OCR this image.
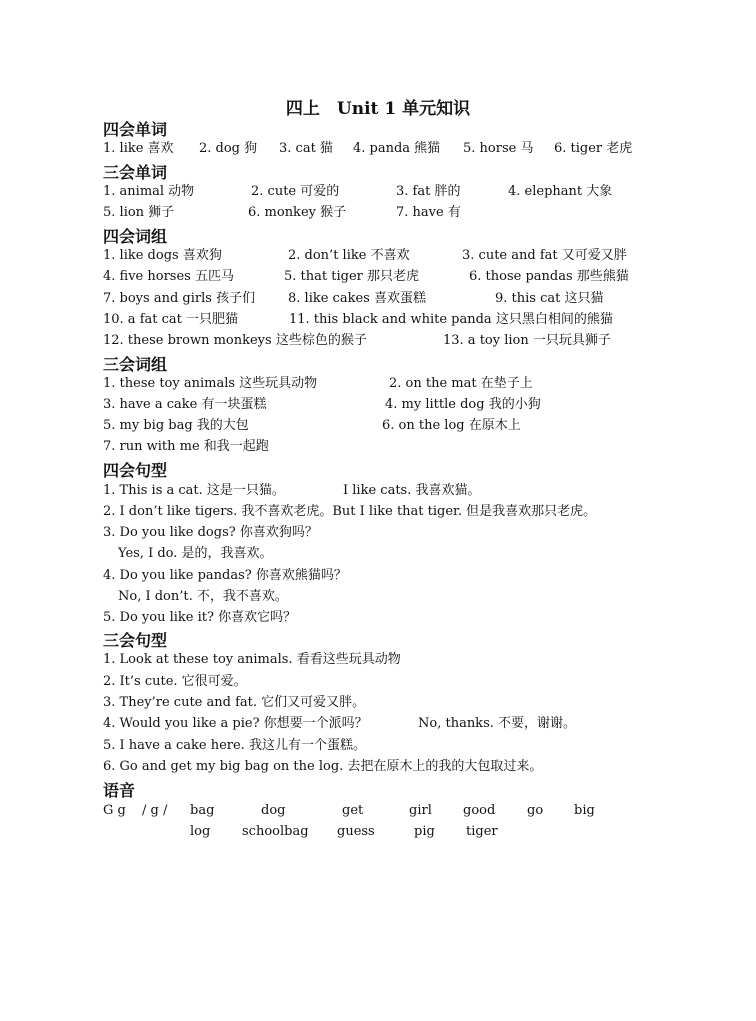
四上　Unit 1 单元知识
四会单词
1. like 喜欢 2. dog 狗 3. cat 猫 4. panda 熊猫 5. horse 马 6. tiger 老虎
三会单词
1. animal 动物	2. cute 可爱的	3. fat 胖的	4. elephant 大象
5. lion 狮子	6. monkey 猴子	7. have 有
四会词组
1. like dogs 喜欢狗	2. don’t like 不喜欢	3. cute and fat 又可爱又胖
4. five horses 五匹马	5. that tiger 那只老虎	6. those pandas 那些熊猫
7. boys and girls 孩子们	8. like cakes 喜欢蛋糕	9. this cat 这只猫
10. a fat cat 一只肥猫	11. this black and white panda 这只黑白相间的熊猫
12. these brown monkeys 这些棕色的猴子	13. a toy lion 一只玩具狮子
三会词组
1. these toy animals 这些玩具动物	2. on the mat 在垫子上
3. have a cake 有一块蛋糕	4. my little dog 我的小狗
5. my big bag 我的大包	6. on the log 在原木上
7. run with me 和我一起跑
四会句型
1. This is a cat. 这是一只猫。	I like cats. 我喜欢猫。
2. I don’t like tigers. 我不喜欢老虎。But I like that tiger. 但是我喜欢那只老虎。
3. Do you like dogs? 你喜欢狗吗？
Yes, I do. 是的，我喜欢。
4. Do you like pandas? 你喜欢熊猫吗？
No, I don’t. 不，我不喜欢。
5. Do you like it? 你喜欢它吗？
三会句型
1. Look at these toy animals. 看看这些玩具动物
2. It’s cute. 它很可爱。
3. They’re cute and fat. 它们又可爱又胖。
4. Would you like a pie? 你想要一个派吗？	No, thanks. 不要，谢谢。
5. I have a cake here. 我这儿有一个蛋糕。
6. Go and get my big bag on the log. 去把在原木上的我的大包取过来。
语音
G g / g / bag	dog	get	girl good go big
log schoolbag guess	pig tiger
